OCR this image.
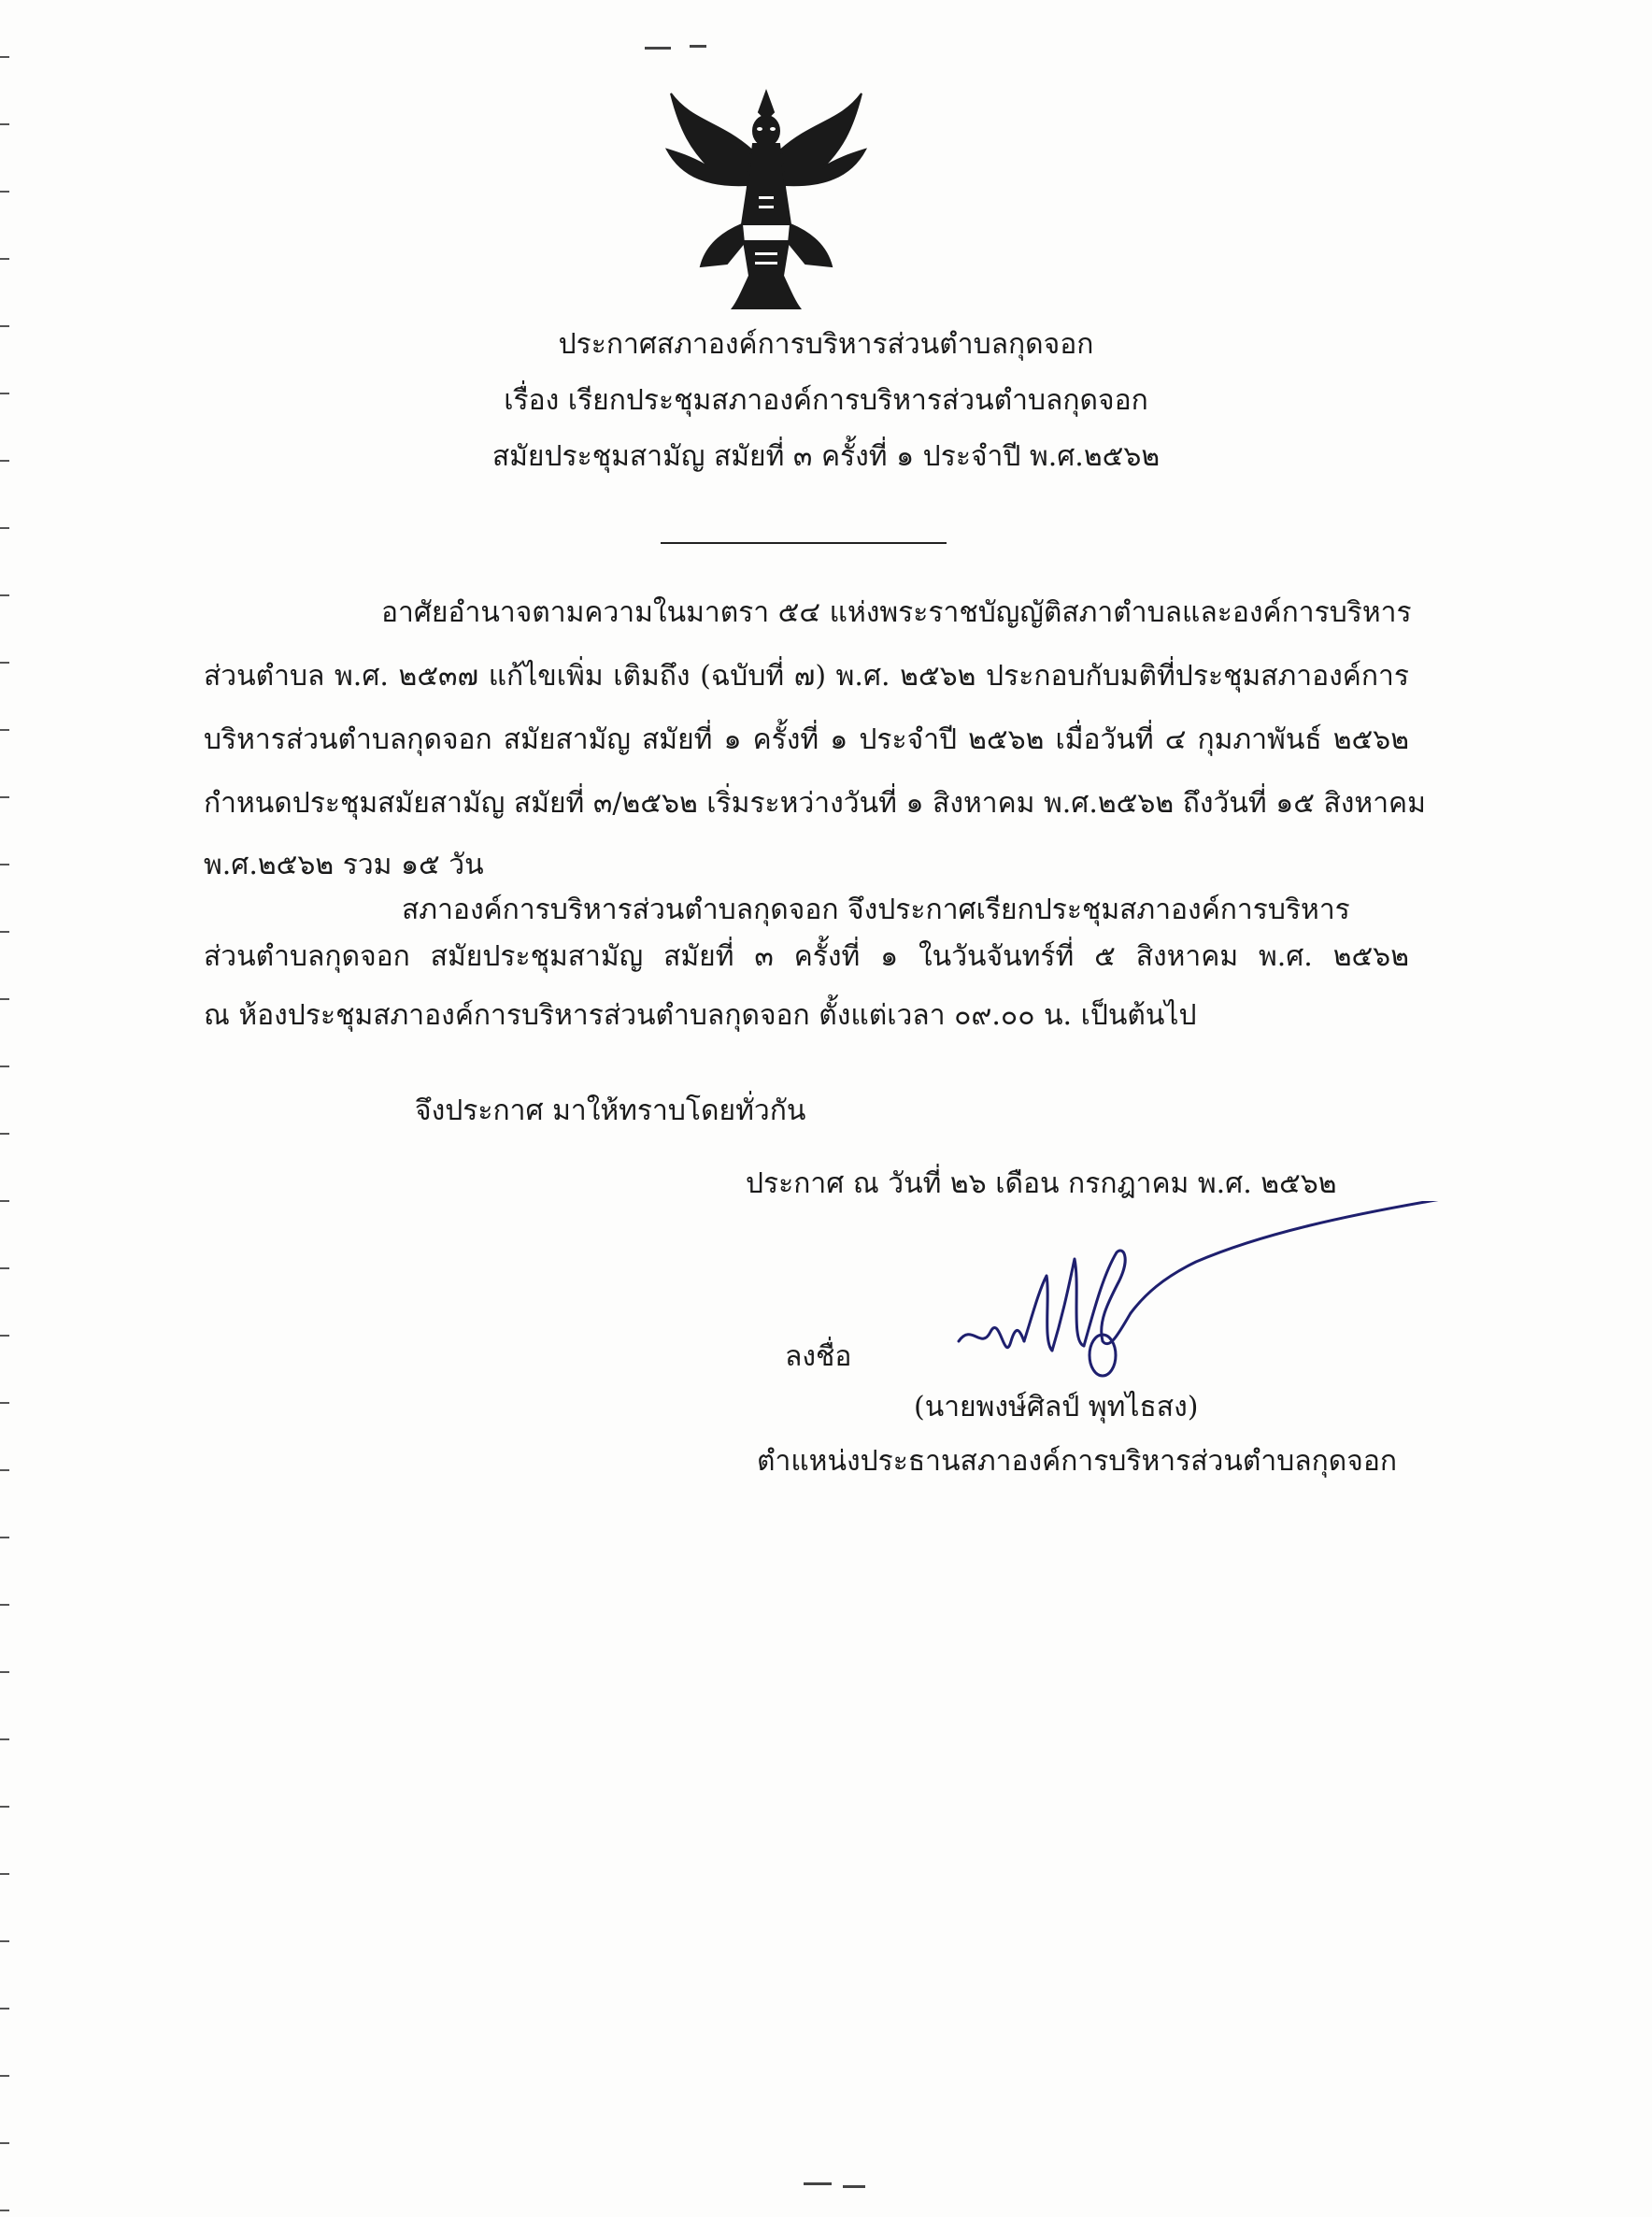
ประกาศสภาองค์การบริหารส่วนตำบลกุดจอก
เรื่อง เรียกประชุมสภาองค์การบริหารส่วนตำบลกุดจอก
สมัยประชุมสามัญ สมัยที่ ๓ ครั้งที่ ๑ ประจำปี พ.ศ.๒๕๖๒
อาศัยอำนาจตามความในมาตรา ๕๔ แห่งพระราชบัญญัติสภาตำบลและองค์การบริหาร
ส่วนตำบล พ.ศ. ๒๕๓๗ แก้ไขเพิ่ม เติมถึง (ฉบับที่ ๗) พ.ศ. ๒๕๖๒ ประกอบกับมติที่ประชุมสภาองค์การ
บริหารส่วนตำบลกุดจอก สมัยสามัญ สมัยที่ ๑ ครั้งที่ ๑ ประจำปี ๒๕๖๒ เมื่อวันที่ ๔ กุมภาพันธ์ ๒๕๖๒
กำหนดประชุมสมัยสามัญ สมัยที่ ๓/๒๕๖๒ เริ่มระหว่างวันที่ ๑ สิงหาคม พ.ศ.๒๕๖๒ ถึงวันที่ ๑๕ สิงหาคม
พ.ศ.๒๕๖๒ รวม ๑๕ วัน
สภาองค์การบริหารส่วนตำบลกุดจอก จึงประกาศเรียกประชุมสภาองค์การบริหาร
ส่วนตำบลกุดจอก สมัยประชุมสามัญ สมัยที่ ๓ ครั้งที่ ๑ ในวันจันทร์ที่ ๕ สิงหาคม พ.ศ. ๒๕๖๒
ณ ห้องประชุมสภาองค์การบริหารส่วนตำบลกุดจอก ตั้งแต่เวลา ๐๙.๐๐ น. เป็นต้นไป
จึงประกาศ มาให้ทราบโดยทั่วกัน
ประกาศ ณ วันที่ ๒๖ เดือน กรกฎาคม พ.ศ. ๒๕๖๒
ลงชื่อ
(นายพงษ์ศิลป์ พุทไธสง)
ตำแหน่งประธานสภาองค์การบริหารส่วนตำบลกุดจอก
